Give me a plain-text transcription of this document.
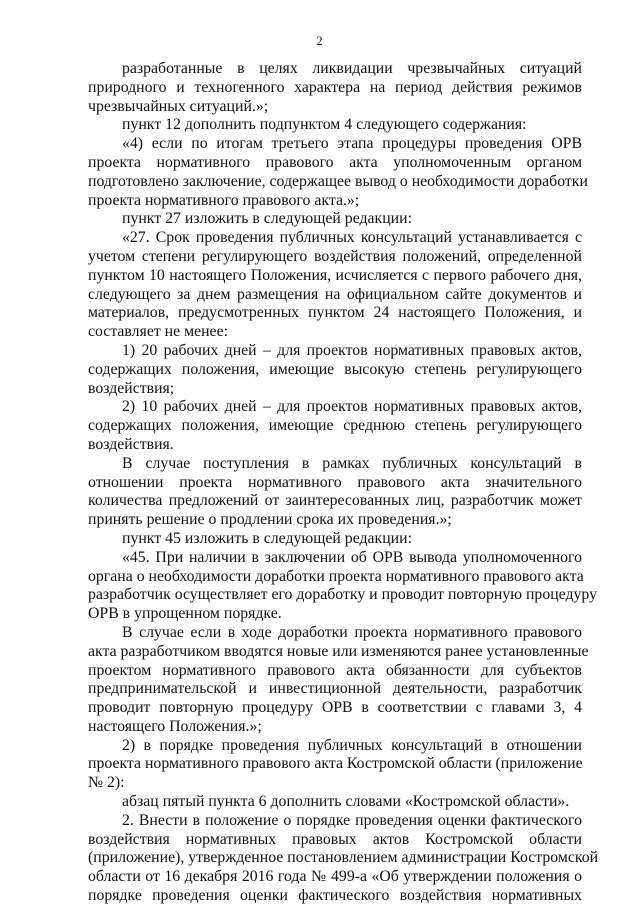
2

разработанные в целях ликвидации чрезвычайных ситуаций
природного и техногенного характера на период действия режимов
чрезвычайных ситуаций.»;

пункт 12 дополнить подпунктом 4 следующего содержания:

«4) если по итогам третьего этапа процедуры проведения ОРВ
проекта нормативного правового акта уполномоченным органом
подготовлено заключение, содержащее вывод о необходимости доработки
проекта нормативного правового акта.»;

пункт 27 изложить в следующей редакции:

«27. Срок проведения публичных консультаций устанавливается с
учетом степени регулирующего воздействия положений, определенной
пунктом 10 настоящего Положения, исчисляется с первого рабочего дня,
следующего за днем размещения на официальном сайте документов и
материалов, предусмотренных пунктом 24 настоящего Положения, и
составляет не менее:

1) 20 рабочих дней – для проектов нормативных правовых актов,
содержащих положения, имеющие высокую степень регулирующего
воздействия;

2) 10 рабочих дней – для проектов нормативных правовых актов,
содержащих положения, имеющие среднюю степень регулирующего
воздействия.

В случае поступления в рамках публичных консультаций в
отношении проекта нормативного правового акта значительного
количества предложений от заинтересованных лиц, разработчик может
принять решение о продлении срока их проведения.»;

пункт 45 изложить в следующей редакции:

«45. При наличии в заключении об ОРВ вывода уполномоченного
органа о необходимости доработки проекта нормативного правового акта
разработчик осуществляет его доработку и проводит повторную процедуру
ОРВ в упрощенном порядке.

В случае если в ходе доработки проекта нормативного правового
акта разработчиком вводятся новые или изменяются ранее установленные
проектом нормативного правового акта обязанности для субъектов
предпринимательской и инвестиционной деятельности, разработчик
проводит повторную процедуру ОРВ в соответствии с главами 3, 4
настоящего Положения.»;

2) в порядке проведения публичных консультаций в отношении
проекта нормативного правового акта Костромской области (приложение
№ 2):

абзац пятый пункта 6 дополнить словами «Костромской области».

2. Внести в положение о порядке проведения оценки фактического
воздействия нормативных правовых актов Костромской области
(приложение), утвержденное постановлением администрации Костромской
области от 16 декабря 2016 года № 499-а «Об утверждении положения о
порядке проведения оценки фактического воздействия нормативных
